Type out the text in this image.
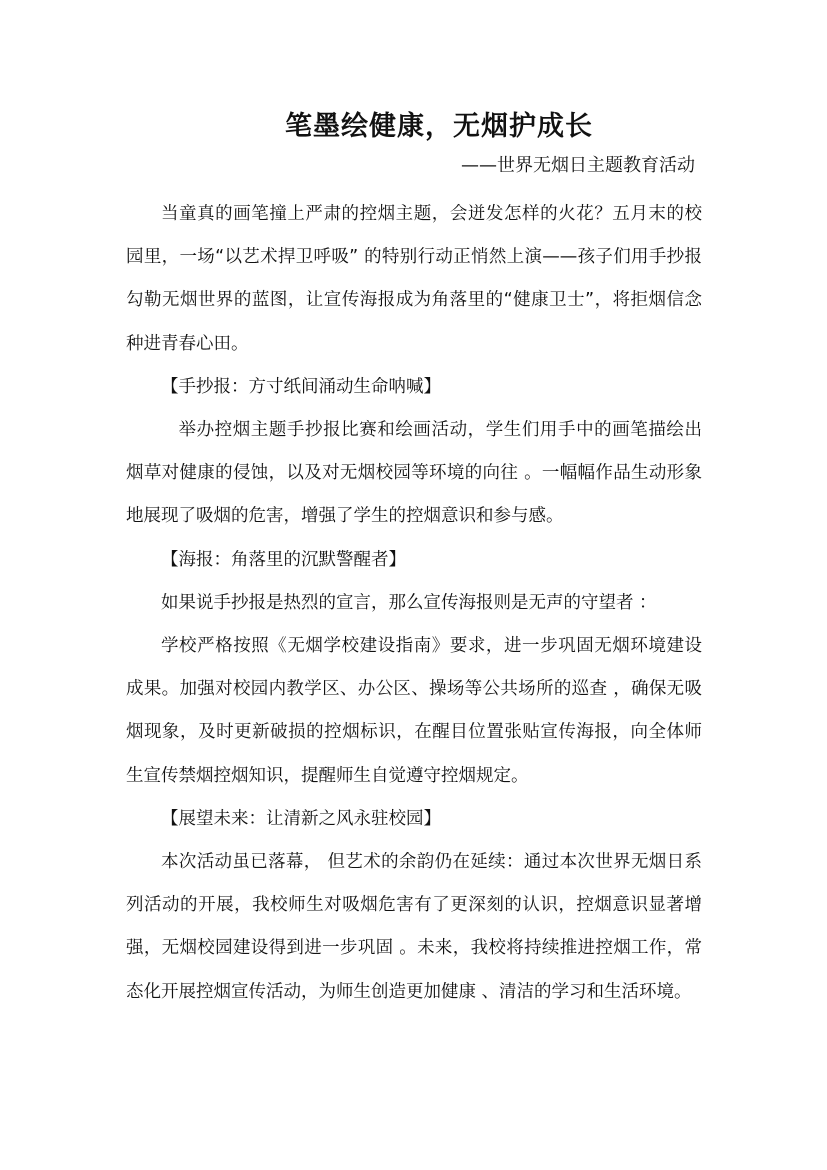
笔墨绘健康，无烟护成长
——世界无烟日主题教育活动

当童真的画笔撞上严肃的控烟主题，会迸发怎样的火花？五月末的校园里，一场“以艺术捍卫呼吸” 的特别行动正悄然上演——孩子们用手抄报勾勒无烟世界的蓝图，让宣传海报成为角落里的“健康卫士”，将拒烟信念种进青春心田。

【手抄报：方寸纸间涌动生命呐喊】

举办控烟主题手抄报比赛和绘画活动，学生们用手中的画笔描绘出烟草对健康的侵蚀，以及对无烟校园等环境的向往 。一幅幅作品生动形象地展现了吸烟的危害，增强了学生的控烟意识和参与感。

【海报：角落里的沉默警醒者】

如果说手抄报是热烈的宣言，那么宣传海报则是无声的守望者 ：

学校严格按照《无烟学校建设指南》要求，进一步巩固无烟环境建设成果。加强对校园内教学区、办公区、操场等公共场所的巡查 ，确保无吸烟现象，及时更新破损的控烟标识，在醒目位置张贴宣传海报，向全体师生宣传禁烟控烟知识，提醒师生自觉遵守控烟规定。

【展望未来：让清新之风永驻校园】

本次活动虽已落幕， 但艺术的余韵仍在延续：通过本次世界无烟日系列活动的开展，我校师生对吸烟危害有了更深刻的认识，控烟意识显著增强，无烟校园建设得到进一步巩固 。未来，我校将持续推进控烟工作，常态化开展控烟宣传活动，为师生创造更加健康 、清洁的学习和生活环境。
